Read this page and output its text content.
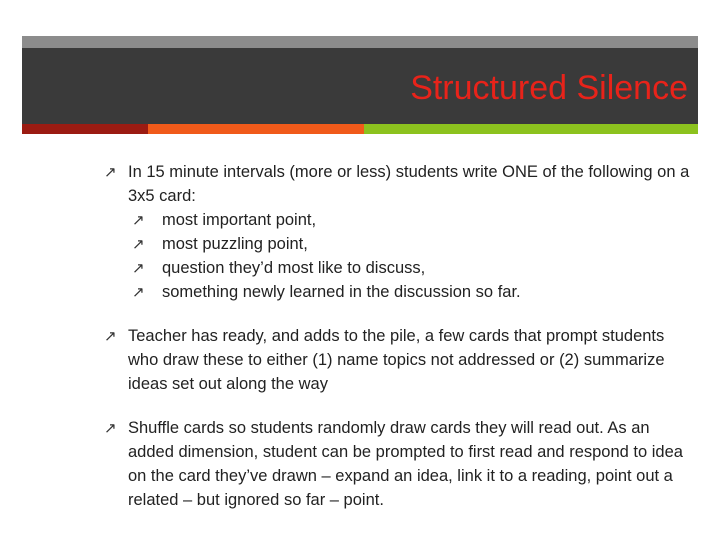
Structured Silence
↗ In 15 minute intervals (more or less) students write ONE of the following on a 3x5 card:
↗	most important point,
↗	most puzzling point,
↗	question they’d most like to discuss,
↗	something newly learned in the discussion so far.
↗ Teacher has ready, and adds to the pile, a few cards that prompt students who draw these to either (1) name topics not addressed or (2) summarize ideas set out along the way
↗ Shuffle cards so students randomly draw cards they will read out. As an added dimension, student can be prompted to first read and respond to idea on the card they’ve drawn – expand an idea, link it to a reading, point out a related – but ignored so far – point.
